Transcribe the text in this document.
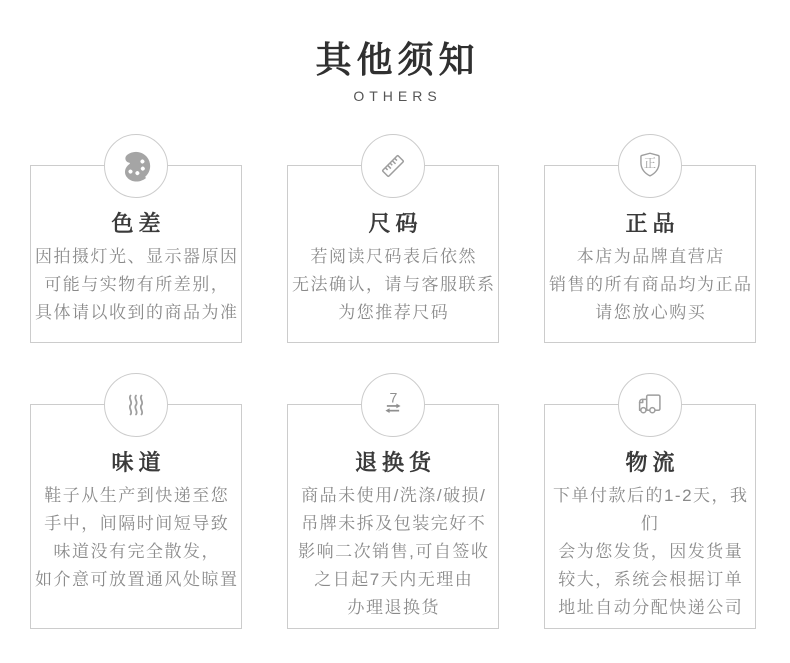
其他须知
OTHERS
色差
因拍摄灯光、显示器原因
可能与实物有所差别，
具体请以收到的商品为准
尺码
若阅读尺码表后依然
无法确认，请与客服联系
为您推荐尺码
正品
本店为品牌直营店
销售的所有商品均为正品
请您放心购买
味道
鞋子从生产到快递至您
手中，间隔时间短导致
味道没有完全散发，
如介意可放置通风处晾置
退换货
商品未使用/洗涤/破损/
吊牌未拆及包装完好不
影响二次销售,可自签收
之日起7天内无理由
办理退换货
物流
下单付款后的1-2天，我们
会为您发货，因发货量
较大，系统会根据订单
地址自动分配快递公司
